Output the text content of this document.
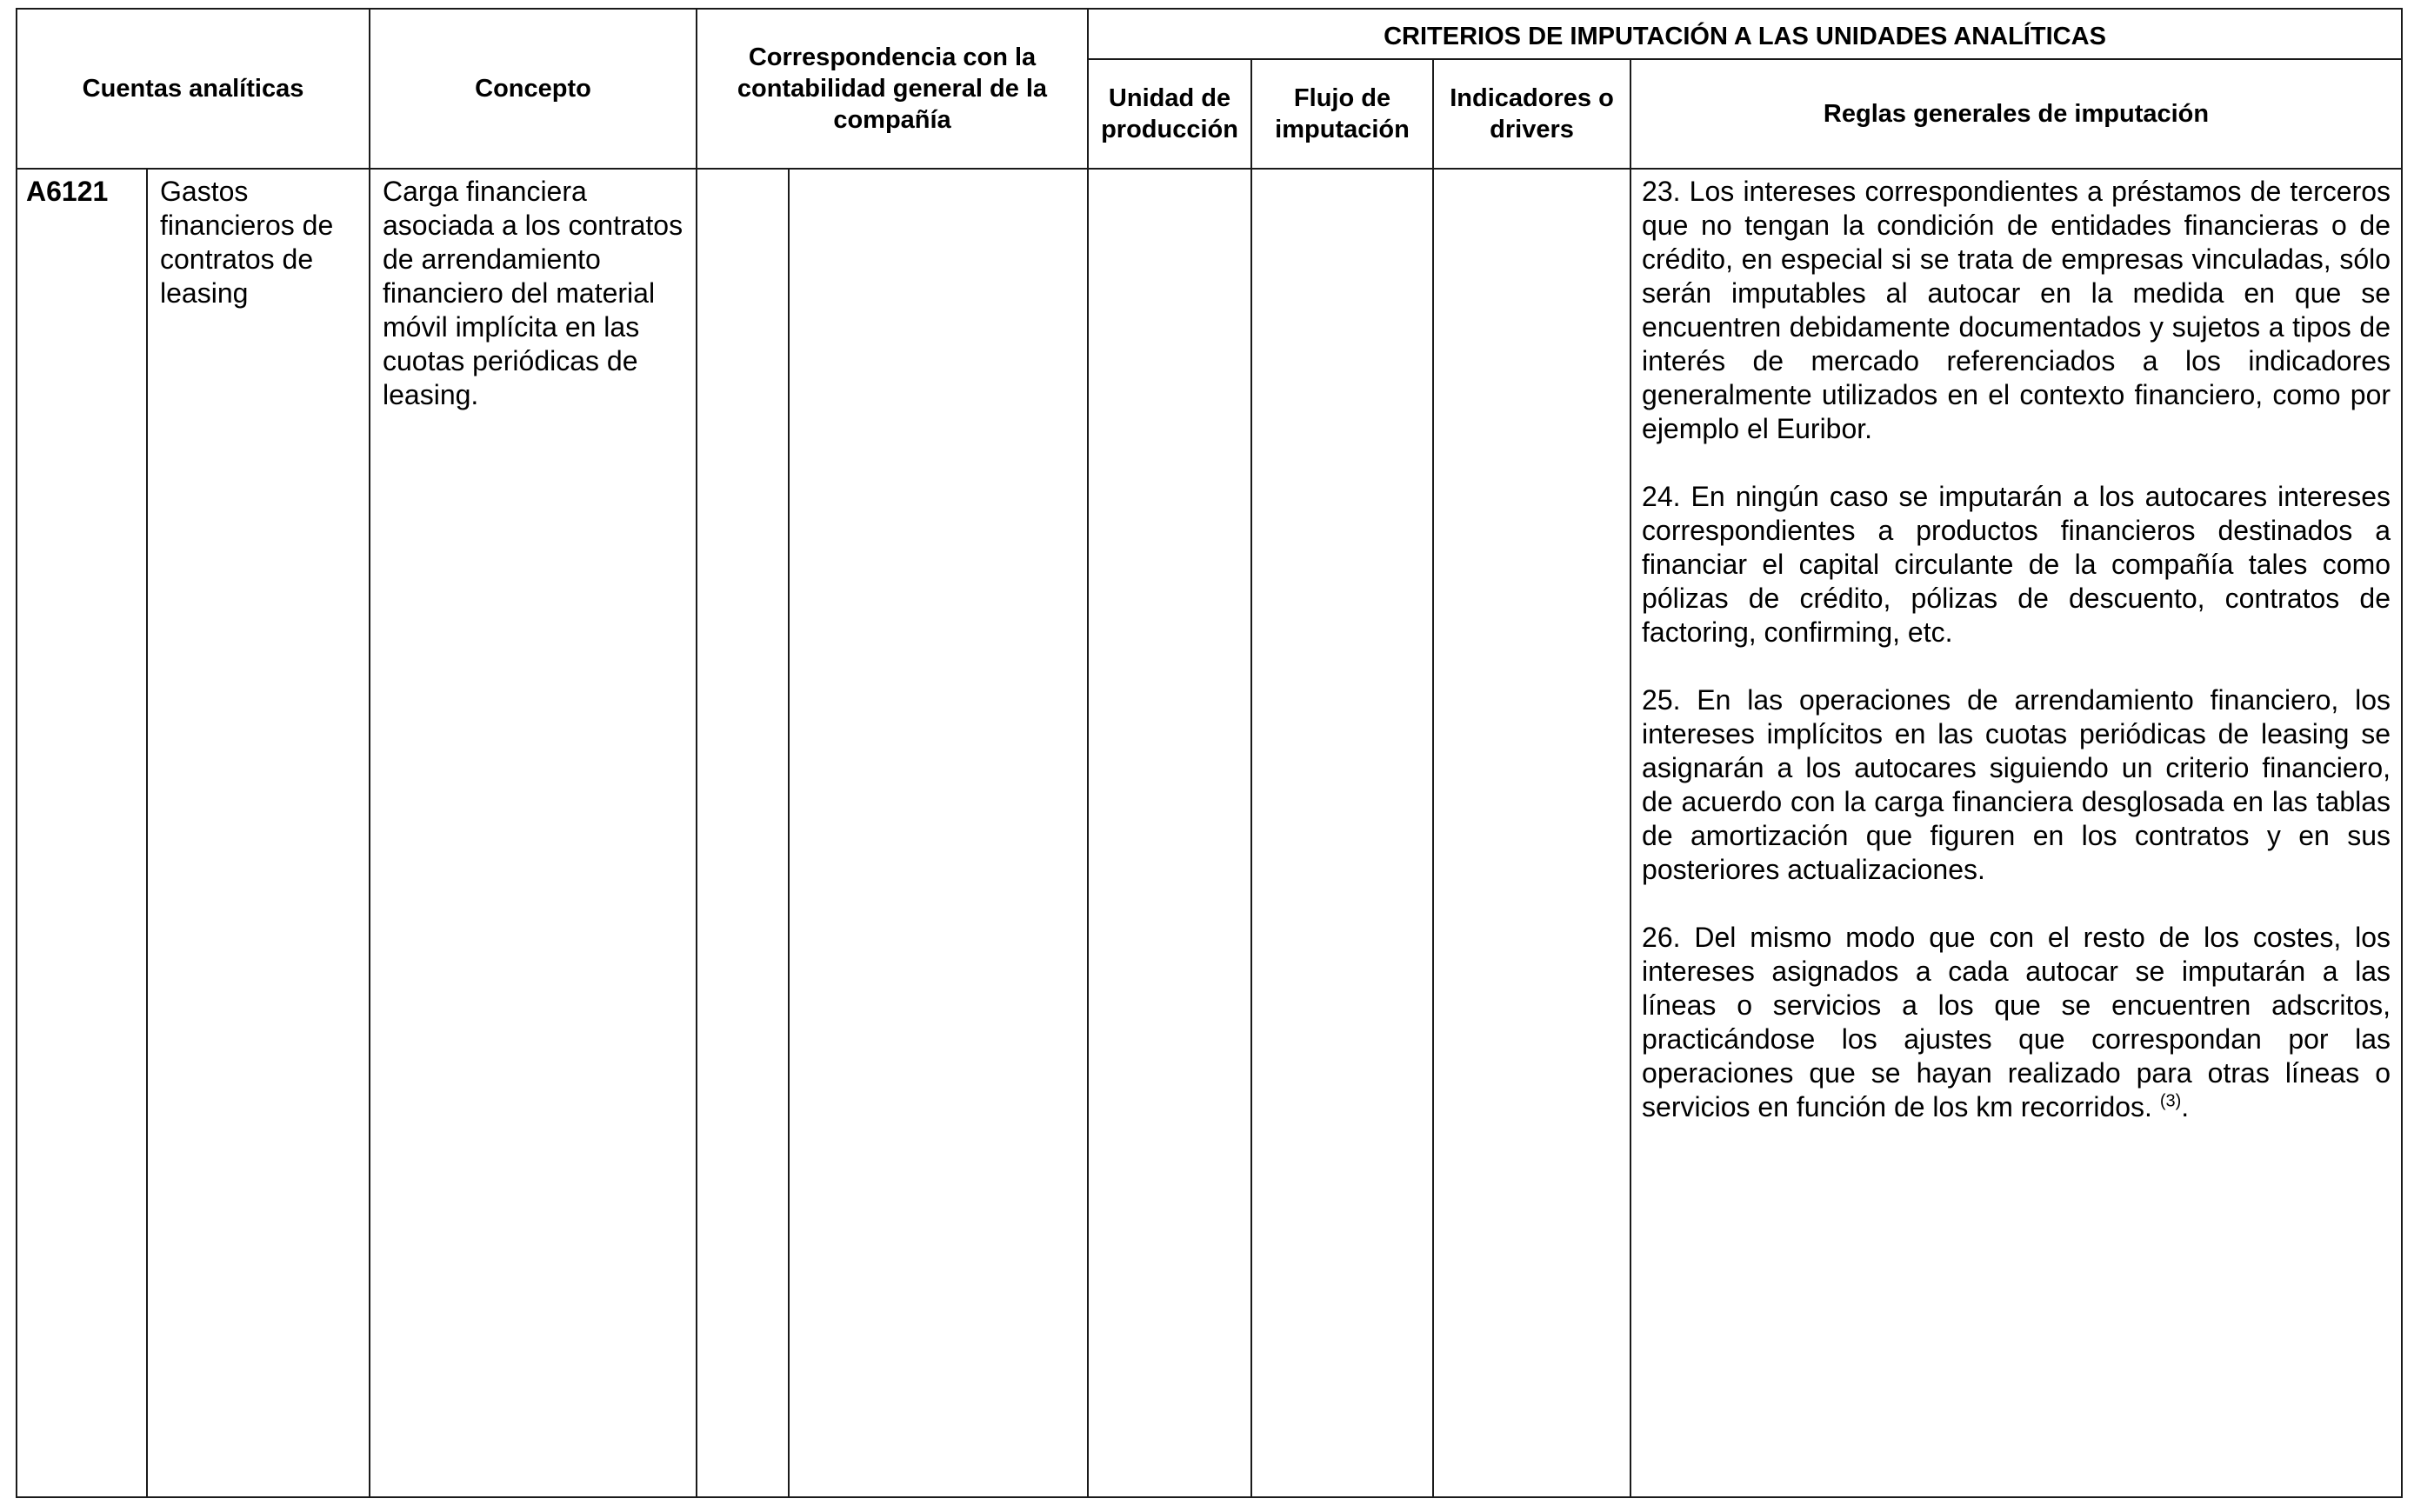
Cuentas analíticas		Concepto	Correspondencia con la contabilidad general de la compañía		CRITERIOS DE IMPUTACIÓN A LAS UNIDADES ANALÍTICAS			
					Unidad de producción	Flujo de imputación	Indicadores o drivers	Reglas generales de imputación
A6121	Gastos financieros de contratos de leasing	Carga financiera asociada a los contratos de arrendamiento financiero del material móvil implícita en las cuotas periódicas de leasing.						23. Los intereses correspondientes a préstamos de terceros que no tengan la condición de entidades financieras o de crédito, en especial si se trata de empresas vinculadas, sólo serán imputables al autocar en la medida en que se encuentren debidamente documentados y sujetos a tipos de interés de mercado referenciados a los indicadores generalmente utilizados en el contexto financiero, como por ejemplo el Euribor.

24. En ningún caso se imputarán a los autocares intereses correspondientes a productos financieros destinados a financiar el capital circulante de la compañía tales como pólizas de crédito, pólizas de descuento, contratos de factoring, confirming, etc.

25. En las operaciones de arrendamiento financiero, los intereses implícitos en las cuotas periódicas de leasing se asignarán a los autocares siguiendo un criterio financiero, de acuerdo con la carga financiera desglosada en las tablas de amortización que figuren en los contratos y en sus posteriores actualizaciones.

26. Del mismo modo que con el resto de los costes, los intereses asignados a cada autocar se imputarán a las líneas o servicios a los que se encuentren adscritos, practicándose los ajustes que correspondan por las operaciones que se hayan realizado para otras líneas o servicios en función de los km recorridos. $^{(3)}$.
